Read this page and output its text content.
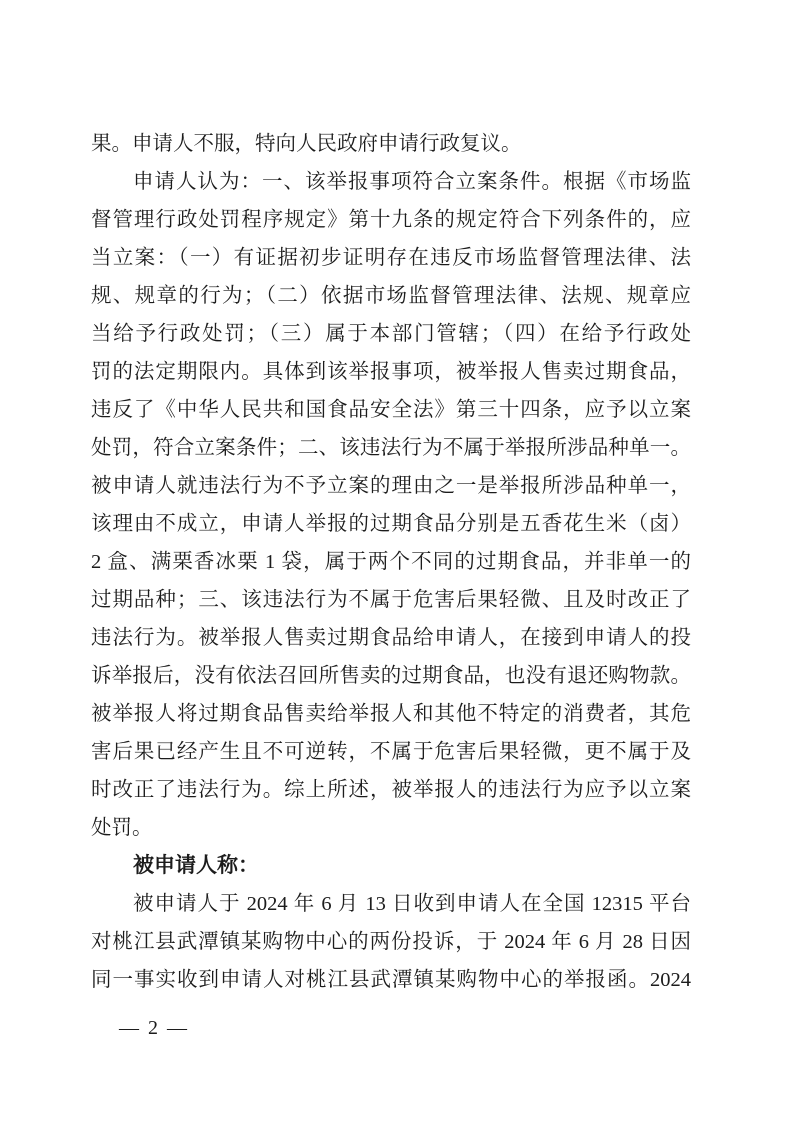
果。申请人不服，特向人民政府申请行政复议。
申请人认为：一、该举报事项符合立案条件。根据《市场监
督管理行政处罚程序规定》第十九条的规定符合下列条件的，应
当立案：（一）有证据初步证明存在违反市场监督管理法律、法
规、规章的行为；（二）依据市场监督管理法律、法规、规章应
当给予行政处罚；（三）属于本部门管辖；（四）在给予行政处
罚的法定期限内。具体到该举报事项，被举报人售卖过期食品，
违反了《中华人民共和国食品安全法》第三十四条，应予以立案
处罚，符合立案条件；二、该违法行为不属于举报所涉品种单一。
被申请人就违法行为不予立案的理由之一是举报所涉品种单一，
该理由不成立，申请人举报的过期食品分别是五香花生米（卤）
2 盒、满栗香冰栗 1 袋，属于两个不同的过期食品，并非单一的
过期品种；三、该违法行为不属于危害后果轻微、且及时改正了
违法行为。被举报人售卖过期食品给申请人，在接到申请人的投
诉举报后，没有依法召回所售卖的过期食品，也没有退还购物款。
被举报人将过期食品售卖给举报人和其他不特定的消费者，其危
害后果已经产生且不可逆转，不属于危害后果轻微，更不属于及
时改正了违法行为。综上所述，被举报人的违法行为应予以立案
处罚。
被申请人称：
被申请人于 2024 年 6 月 13 日收到申请人在全国 12315 平台
对桃江县武潭镇某购物中心的两份投诉，于 2024 年 6 月 28 日因
同一事实收到申请人对桃江县武潭镇某购物中心的举报函。2024
— 2 —
